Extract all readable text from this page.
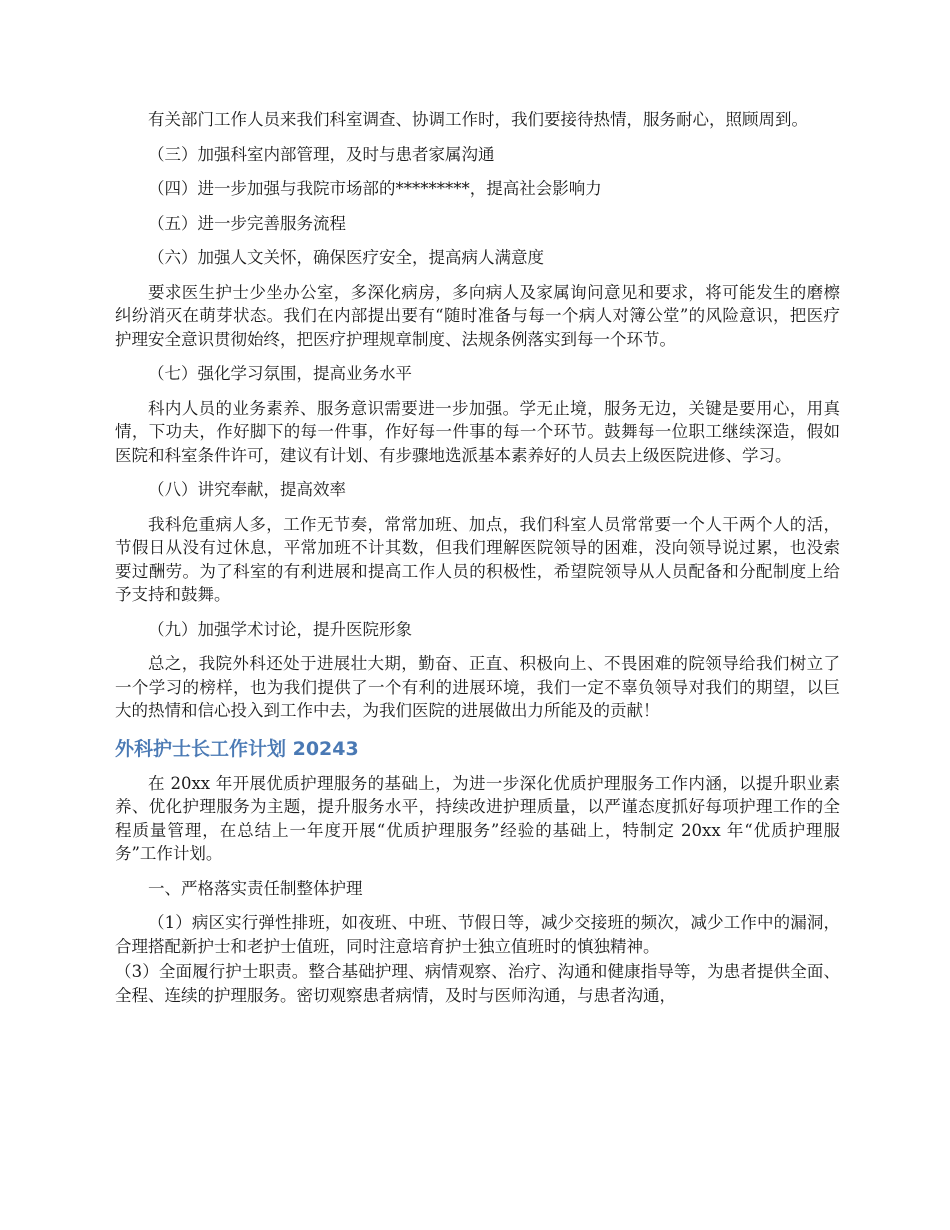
有关部门工作人员来我们科室调查、协调工作时，我们要接待热情，服务耐心，照顾周到。

（三）加强科室内部管理，及时与患者家属沟通

（四）进一步加强与我院市场部的*********，提高社会影响力

（五）进一步完善服务流程

（六）加强人文关怀，确保医疗安全，提高病人满意度

要求医生护士少坐办公室，多深化病房，多向病人及家属询问意见和要求，将可能发生的磨檫纠纷消灭在萌芽状态。我们在内部提出要有“随时准备与每一个病人对簿公堂”的风险意识，把医疗护理安全意识贯彻始终，把医疗护理规章制度、法规条例落实到每一个环节。

（七）强化学习氛围，提高业务水平

科内人员的业务素养、服务意识需要进一步加强。学无止境，服务无边，关键是要用心，用真情，下功夫，作好脚下的每一件事，作好每一件事的每一个环节。鼓舞每一位职工继续深造，假如医院和科室条件许可，建议有计划、有步骤地选派基本素养好的人员去上级医院进修、学习。

（八）讲究奉献，提高效率

我科危重病人多，工作无节奏，常常加班、加点，我们科室人员常常要一个人干两个人的活，节假日从没有过休息，平常加班不计其数，但我们理解医院领导的困难，没向领导说过累，也没索要过酬劳。为了科室的有利进展和提高工作人员的积极性，希望院领导从人员配备和分配制度上给予支持和鼓舞。

（九）加强学术讨论，提升医院形象

总之，我院外科还处于进展壮大期，勤奋、正直、积极向上、不畏困难的院领导给我们树立了一个学习的榜样，也为我们提供了一个有利的进展环境，我们一定不辜负领导对我们的期望，以巨大的热情和信心投入到工作中去，为我们医院的进展做出力所能及的贡献！

外科护士长工作计划 20243

在 20xx 年开展优质护理服务的基础上，为进一步深化优质护理服务工作内涵，以提升职业素养、优化护理服务为主题，提升服务水平，持续改进护理质量，以严谨态度抓好每项护理工作的全程质量管理，在总结上一年度开展“优质护理服务”经验的基础上，特制定 20xx 年“优质护理服务”工作计划。

一、严格落实责任制整体护理

（1）病区实行弹性排班，如夜班、中班、节假日等，减少交接班的频次，减少工作中的漏洞，合理搭配新护士和老护士值班，同时注意培育护士独立值班时的慎独精神。

（3）全面履行护士职责。整合基础护理、病情观察、治疗、沟通和健康指导等，为患者提供全面、全程、连续的护理服务。密切观察患者病情，及时与医师沟通，与患者沟通，
